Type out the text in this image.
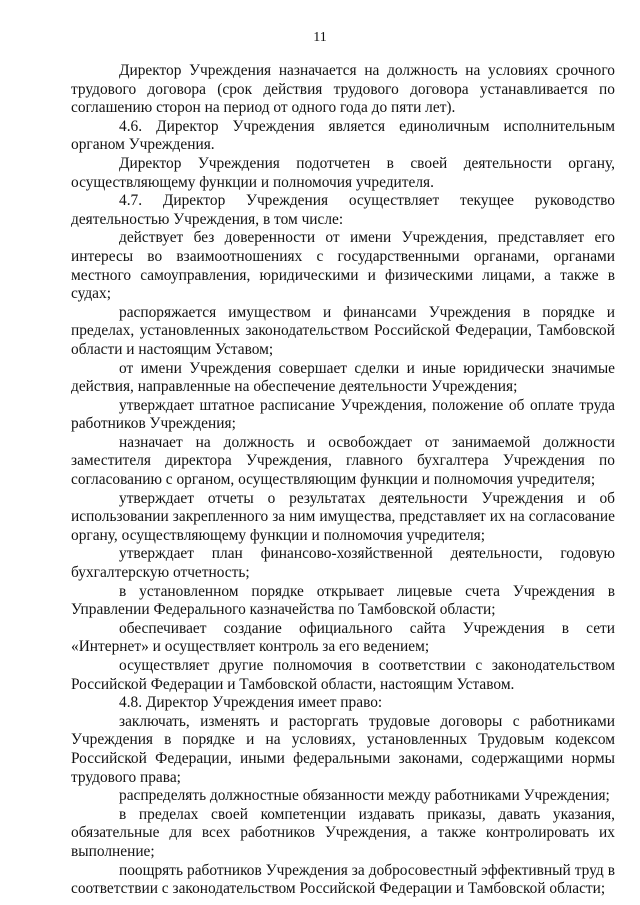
11

Директор Учреждения назначается на должность на условиях срочного трудового договора (срок действия трудового договора устанавливается по соглашению сторон на период от одного года до пяти лет).

4.6. Директор Учреждения является единоличным исполнительным органом Учреждения.

Директор Учреждения подотчетен в своей деятельности органу, осуществляющему функции и полномочия учредителя.

4.7. Директор Учреждения осуществляет текущее руководство деятельностью Учреждения, в том числе:

действует без доверенности от имени Учреждения, представляет его интересы во взаимоотношениях с государственными органами, органами местного самоуправления, юридическими и физическими лицами, а также в судах;

распоряжается имуществом и финансами Учреждения в порядке и пределах, установленных законодательством Российской Федерации, Тамбовской области и настоящим Уставом;

от имени Учреждения совершает сделки и иные юридически значимые действия, направленные на обеспечение деятельности Учреждения;

утверждает штатное расписание Учреждения, положение об оплате труда работников Учреждения;

назначает на должность и освобождает от занимаемой должности заместителя директора Учреждения, главного бухгалтера Учреждения по согласованию с органом, осуществляющим функции и полномочия учредителя;

утверждает отчеты о результатах деятельности Учреждения и об использовании закрепленного за ним имущества, представляет их на согласование органу, осуществляющему функции и полномочия учредителя;

утверждает план финансово-хозяйственной деятельности, годовую бухгалтерскую отчетность;

в установленном порядке открывает лицевые счета Учреждения в Управлении Федерального казначейства по Тамбовской области;

обеспечивает создание официального сайта Учреждения в сети «Интернет» и осуществляет контроль за его ведением;

осуществляет другие полномочия в соответствии с законодательством Российской Федерации и Тамбовской области, настоящим Уставом.

4.8. Директор Учреждения имеет право:

заключать, изменять и расторгать трудовые договоры с работниками Учреждения в порядке и на условиях, установленных Трудовым кодексом Российской Федерации, иными федеральными законами, содержащими нормы трудового права;

распределять должностные обязанности между работниками Учреждения;

в пределах своей компетенции издавать приказы, давать указания, обязательные для всех работников Учреждения, а также контролировать их выполнение;

поощрять работников Учреждения за добросовестный эффективный труд в соответствии с законодательством Российской Федерации и Тамбовской области;
